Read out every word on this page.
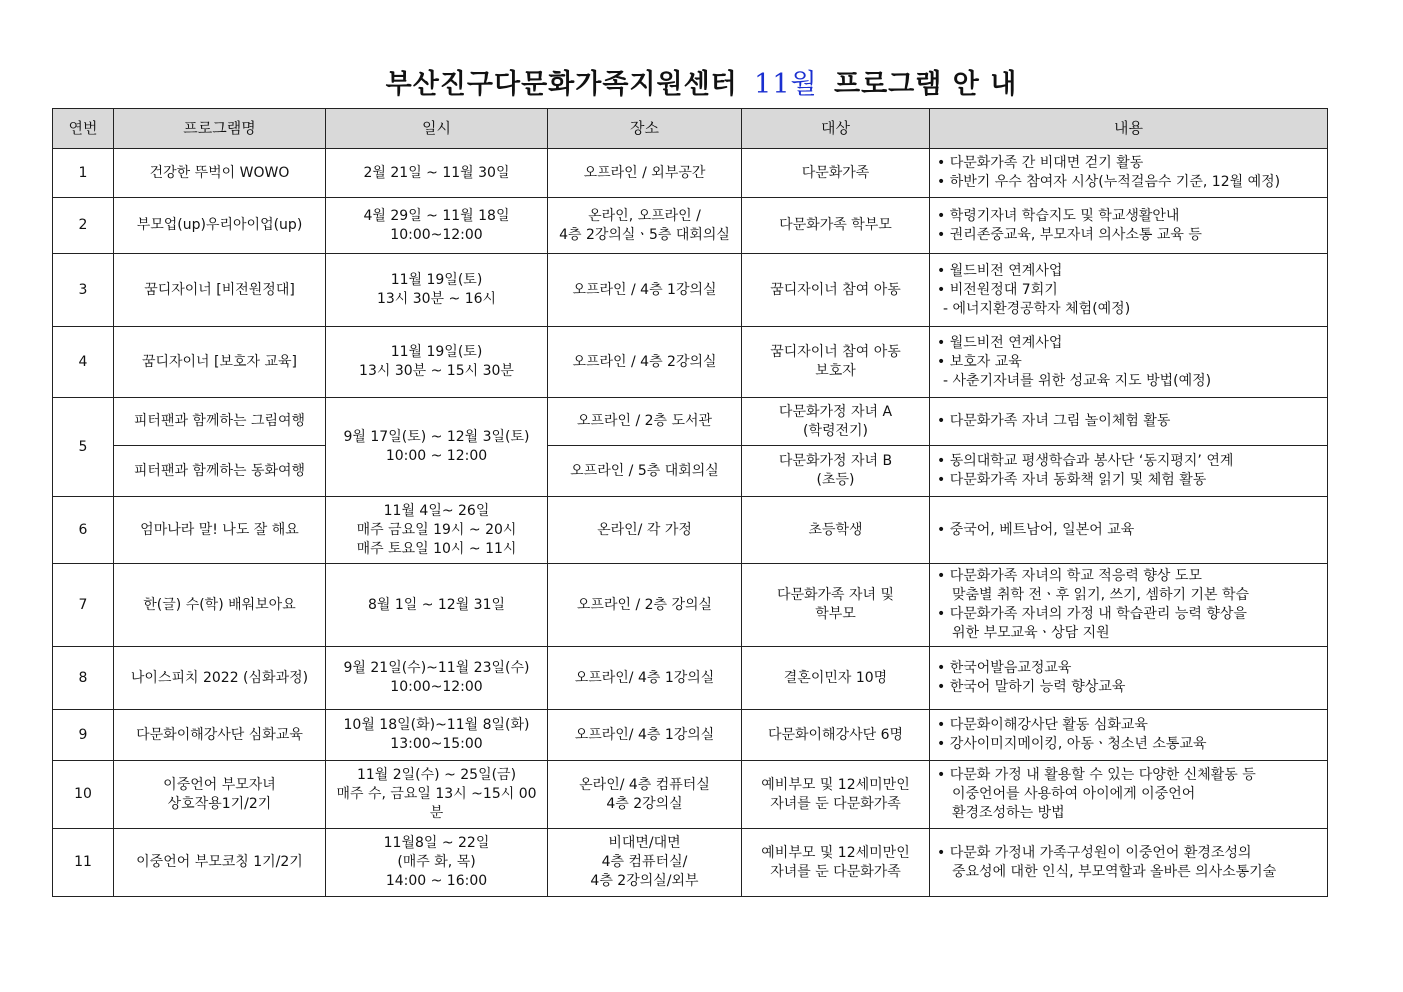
부산진구다문화가족지원센터 11월 프로그램 안 내
연번	프로그램명	일시	장소	대상	내용
1	건강한 뚜벅이 WOWO	2월 21일 ~ 11월 30일	오프라인 / 외부공간	다문화가족	• 다문화가족 간 비대면 걷기 활동
• 하반기 우수 참여자 시상(누적걸음수 기준, 12월 예정)

2	부모업(up)우리아이업(up)	4월 29일 ~ 11월 18일
10:00~12:00	온라인, 오프라인 /
4층 2강의실ㆍ5층 대회의실	다문화가족 학부모	• 학령기자녀 학습지도 및 학교생활안내
• 권리존중교육, 부모자녀 의사소통 교육 등

3	꿈디자이너 [비전원정대]	11월 19일(토)
13시 30분 ~ 16시	오프라인 / 4층 1강의실	꿈디자이너 참여 아동	• 월드비전 연계사업
• 비전원정대 7회기
- 에너지환경공학자 체험(예정)

4	꿈디자이너 [보호자 교육]	11월 19일(토)
13시 30분 ~ 15시 30분	오프라인 / 4층 2강의실	꿈디자이너 참여 아동
보호자	• 월드비전 연계사업
• 보호자 교육
- 사춘기자녀를 위한 성교육 지도 방법(예정)

5	피터팬과 함께하는 그림여행	9월 17일(토) ~ 12월 3일(토)
10:00 ~ 12:00	오프라인 / 2층 도서관	다문화가정 자녀 A
(학령전기)	• 다문화가족 자녀 그림 놀이체험 활동

	피터팬과 함께하는 동화여행		오프라인 / 5층 대회의실	다문화가정 자녀 B
(초등)	• 동의대학교 평생학습과 봉사단 ‘동지평지’ 연계
• 다문화가족 자녀 동화책 읽기 및 체험 활동

6	엄마나라 말! 나도 잘 해요	11월 4일~ 26일
매주 금요일 19시 ~ 20시
매주 토요일 10시 ~ 11시	온라인/ 각 가정	초등학생	• 중국어, 베트남어, 일본어 교육

7	한(글) 수(학) 배워보아요	8월 1일 ~ 12월 31일	오프라인 / 2층 강의실	다문화가족 자녀 및
학부모	• 다문화가족 자녀의 학교 적응력 향상 도모
맞춤별 취학 전ㆍ후 읽기, 쓰기, 셈하기 기본 학습
• 다문화가족 자녀의 가정 내 학습관리 능력 향상을
위한 부모교육ㆍ상담 지원

8	나이스피치 2022 (심화과정)	9월 21일(수)~11월 23일(수)
10:00~12:00	오프라인/ 4층 1강의실	결혼이민자 10명	• 한국어발음교정교육
• 한국어 말하기 능력 향상교육

9	다문화이해강사단 심화교육	10월 18일(화)~11월 8일(화)
13:00~15:00	오프라인/ 4층 1강의실	다문화이해강사단 6명	• 다문화이해강사단 활동 심화교육
• 강사이미지메이킹, 아동ㆍ청소년 소통교육

10	이중언어 부모자녀
상호작용1기/2기	11월 2일(수) ~ 25일(금)
매주 수, 금요일 13시 ~15시 00분	온라인/ 4층 컴퓨터실
4층 2강의실	예비부모 및 12세미만인
자녀를 둔 다문화가족	• 다문화 가정 내 활용할 수 있는 다양한 신체활동 등
이중언어를 사용하여 아이에게 이중언어
환경조성하는 방법

11	이중언어 부모코칭 1기/2기	11월8일 ~ 22일
(매주 화, 목)
14:00 ~ 16:00	비대면/대면
4층 컴퓨터실/
4층 2강의실/외부	예비부모 및 12세미만인
자녀를 둔 다문화가족	• 다문화 가정내 가족구성원이 이중언어 환경조성의
중요성에 대한 인식, 부모역할과 올바른 의사소통기술
